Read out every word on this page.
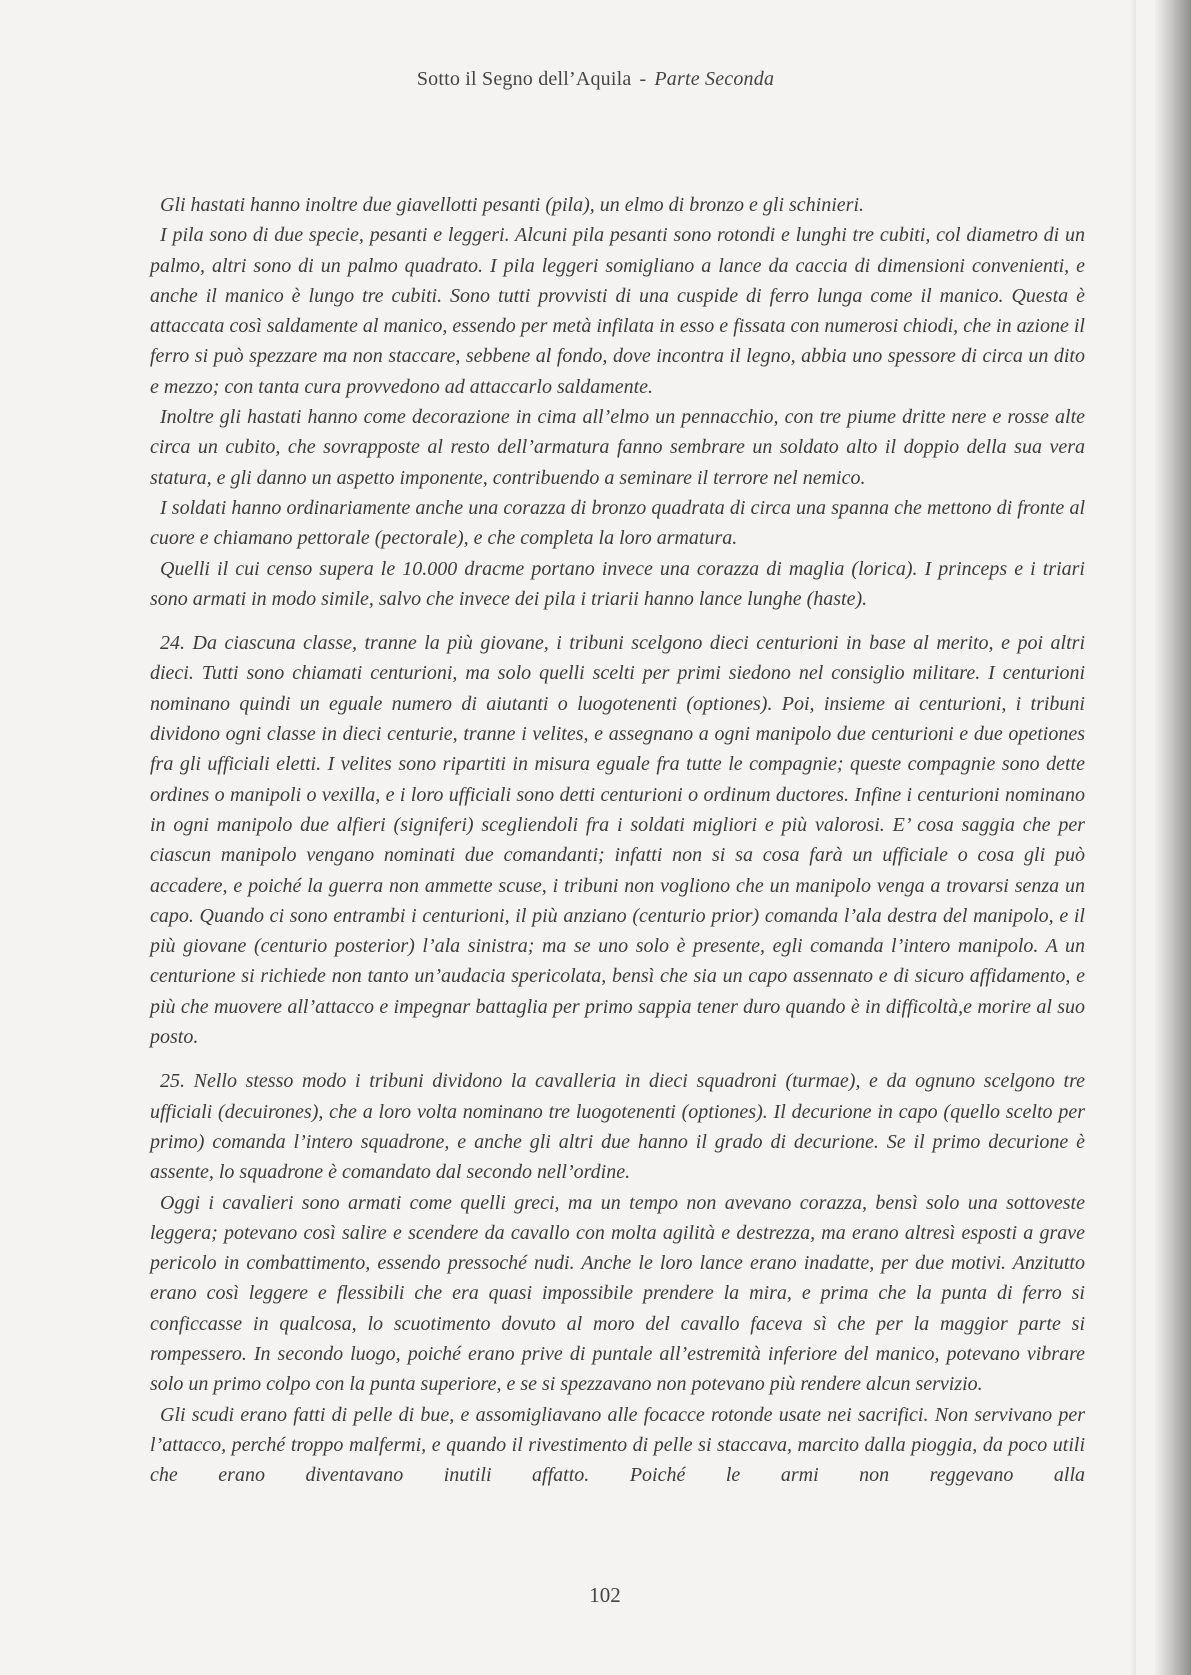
Sotto il Segno dell’Aquila - Parte Seconda

Gli hastati hanno inoltre due giavellotti pesanti (pila), un elmo di bronzo e gli schinieri.

I pila sono di due specie, pesanti e leggeri. Alcuni pila pesanti sono rotondi e lunghi tre cubiti, col diametro di un palmo, altri sono di un palmo quadrato. I pila leggeri somigliano a lance da caccia di dimensioni convenienti, e anche il manico è lungo tre cubiti. Sono tutti provvisti di una cuspide di ferro lunga come il manico. Questa è attaccata così saldamente al manico, essendo per metà infilata in esso e fissata con numerosi chiodi, che in azione il ferro si può spezzare ma non staccare, sebbene al fondo, dove incontra il legno, abbia uno spessore di circa un dito e mezzo; con tanta cura provvedono ad attaccarlo saldamente.

Inoltre gli hastati hanno come decorazione in cima all’elmo un pennacchio, con tre piume dritte nere e rosse alte circa un cubito, che sovrapposte al resto dell’armatura fanno sembrare un soldato alto il doppio della sua vera statura, e gli danno un aspetto imponente, contribuendo a seminare il terrore nel nemico.

I soldati hanno ordinariamente anche una corazza di bronzo quadrata di circa una spanna che mettono di fronte al cuore e chiamano pettorale (pectorale), e che completa la loro armatura.

Quelli il cui censo supera le 10.000 dracme portano invece una corazza di maglia (lorica). I princeps e i triari sono armati in modo simile, salvo che invece dei pila i triarii hanno lance lunghe (haste).

24. Da ciascuna classe, tranne la più giovane, i tribuni scelgono dieci centurioni in base al merito, e poi altri dieci. Tutti sono chiamati centurioni, ma solo quelli scelti per primi siedono nel consiglio militare. I centurioni nominano quindi un eguale numero di aiutanti o luogotenenti (optiones). Poi, insieme ai centurioni, i tribuni dividono ogni classe in dieci centurie, tranne i velites, e assegnano a ogni manipolo due centurioni e due opetiones fra gli ufficiali eletti. I velites sono ripartiti in misura eguale fra tutte le compagnie; queste compagnie sono dette ordines o manipoli o vexilla, e i loro ufficiali sono detti centurioni o ordinum ductores. Infine i centurioni nominano in ogni manipolo due alfieri (signiferi) scegliendoli fra i soldati migliori e più valorosi. E’ cosa saggia che per ciascun manipolo vengano nominati due comandanti; infatti non si sa cosa farà un ufficiale o cosa gli può accadere, e poiché la guerra non ammette scuse, i tribuni non vogliono che un manipolo venga a trovarsi senza un capo. Quando ci sono entrambi i centurioni, il più anziano (centurio prior) comanda l’ala destra del manipolo, e il più giovane (centurio posterior) l’ala sinistra; ma se uno solo è presente, egli comanda l’intero manipolo. A un centurione si richiede non tanto un’audacia spericolata, bensì che sia un capo assennato e di sicuro affidamento, e più che muovere all’attacco e impegnar battaglia per primo sappia tener duro quando è in difficoltà,e morire al suo posto.

25. Nello stesso modo i tribuni dividono la cavalleria in dieci squadroni (turmae), e da ognuno scelgono tre ufficiali (decuirones), che a loro volta nominano tre luogotenenti (optiones). Il decurione in capo (quello scelto per primo) comanda l’intero squadrone, e anche gli altri due hanno il grado di decurione. Se il primo decurione è assente, lo squadrone è comandato dal secondo nell’ordine.

Oggi i cavalieri sono armati come quelli greci, ma un tempo non avevano corazza, bensì solo una sottoveste leggera; potevano così salire e scendere da cavallo con molta agilità e destrezza, ma erano altresì esposti a grave pericolo in combattimento, essendo pressoché nudi. Anche le loro lance erano inadatte, per due motivi. Anzitutto erano così leggere e flessibili che era quasi impossibile prendere la mira, e prima che la punta di ferro si conficcasse in qualcosa, lo scuotimento dovuto al moro del cavallo faceva sì che per la maggior parte si rompessero. In secondo luogo, poiché erano prive di puntale all’estremità inferiore del manico, potevano vibrare solo un primo colpo con la punta superiore, e se si spezzavano non potevano più rendere alcun servizio.

Gli scudi erano fatti di pelle di bue, e assomigliavano alle focacce rotonde usate nei sacrifici. Non servivano per l’attacco, perché troppo malfermi, e quando il rivestimento di pelle si staccava, marcito dalla pioggia, da poco utili che erano diventavano inutili affatto. Poiché le armi non reggevano alla

102
